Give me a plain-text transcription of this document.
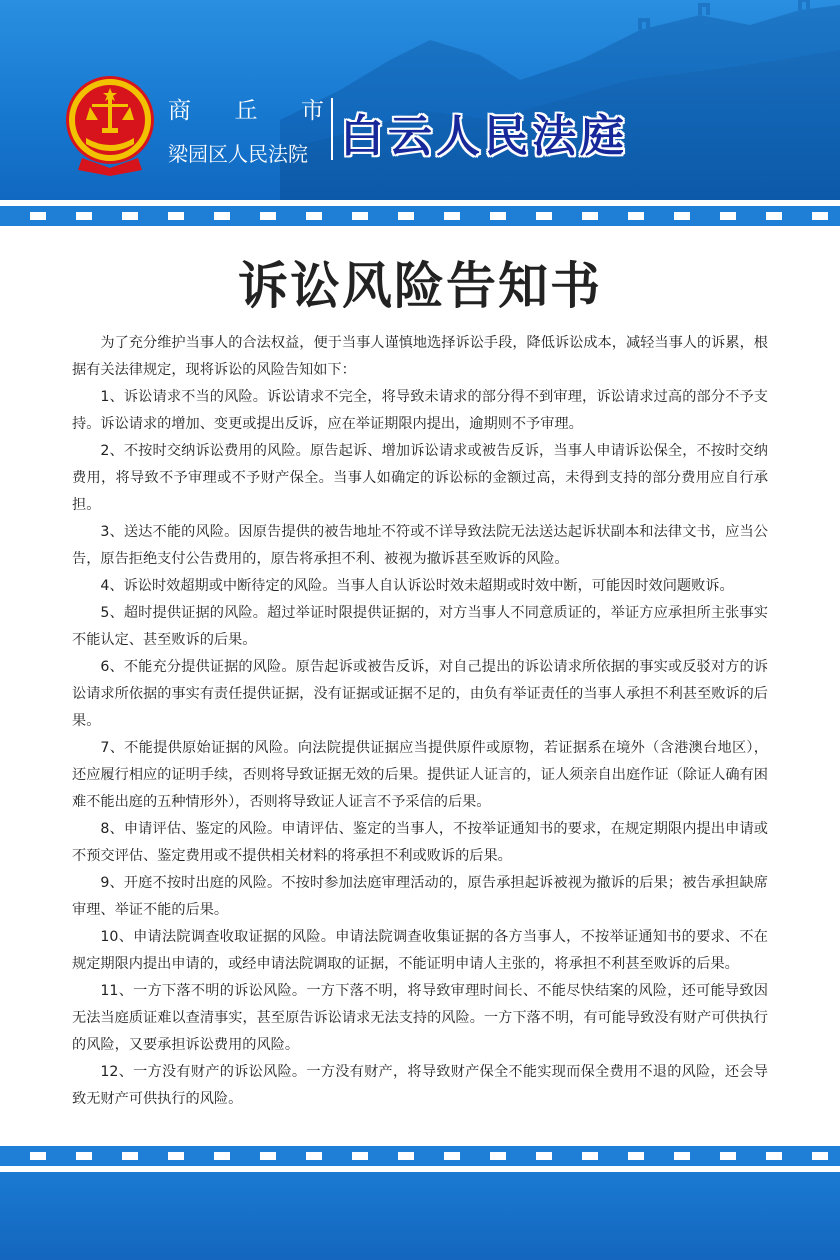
商 丘 市
梁园区人民法院 白云人民法庭
诉讼风险告知书

为了充分维护当事人的合法权益，便于当事人谨慎地选择诉讼手段，降低诉讼成本，减轻当事人的诉累，根据有关法律规定，现将诉讼的风险告知如下：

1、诉讼请求不当的风险。诉讼请求不完全，将导致未请求的部分得不到审理，诉讼请求过高的部分不予支持。诉讼请求的增加、变更或提出反诉，应在举证期限内提出，逾期则不予审理。

2、不按时交纳诉讼费用的风险。原告起诉、增加诉讼请求或被告反诉，当事人申请诉讼保全，不按时交纳费用，将导致不予审理或不予财产保全。当事人如确定的诉讼标的金额过高，未得到支持的部分费用应自行承担。

3、送达不能的风险。因原告提供的被告地址不符或不详导致法院无法送达起诉状副本和法律文书，应当公告，原告拒绝支付公告费用的，原告将承担不利、被视为撤诉甚至败诉的风险。

4、诉讼时效超期或中断待定的风险。当事人自认诉讼时效未超期或时效中断，可能因时效问题败诉。

5、超时提供证据的风险。超过举证时限提供证据的，对方当事人不同意质证的，举证方应承担所主张事实不能认定、甚至败诉的后果。

6、不能充分提供证据的风险。原告起诉或被告反诉，对自己提出的诉讼请求所依据的事实或反驳对方的诉讼请求所依据的事实有责任提供证据，没有证据或证据不足的，由负有举证责任的当事人承担不利甚至败诉的后果。

7、不能提供原始证据的风险。向法院提供证据应当提供原件或原物，若证据系在境外（含港澳台地区），还应履行相应的证明手续，否则将导致证据无效的后果。提供证人证言的，证人须亲自出庭作证（除证人确有困难不能出庭的五种情形外），否则将导致证人证言不予采信的后果。

8、申请评估、鉴定的风险。申请评估、鉴定的当事人，不按举证通知书的要求，在规定期限内提出申请或不预交评估、鉴定费用或不提供相关材料的将承担不利或败诉的后果。

9、开庭不按时出庭的风险。不按时参加法庭审理活动的，原告承担起诉被视为撤诉的后果；被告承担缺席审理、举证不能的后果。

10、申请法院调查收取证据的风险。申请法院调查收集证据的各方当事人，不按举证通知书的要求、不在规定期限内提出申请的，或经申请法院调取的证据，不能证明申请人主张的，将承担不利甚至败诉的后果。

11、一方下落不明的诉讼风险。一方下落不明，将导致审理时间长、不能尽快结案的风险，还可能导致因无法当庭质证难以查清事实，甚至原告诉讼请求无法支持的风险。一方下落不明，有可能导致没有财产可供执行的风险，又要承担诉讼费用的风险。

12、一方没有财产的诉讼风险。一方没有财产，将导致财产保全不能实现而保全费用不退的风险，还会导致无财产可供执行的风险。
